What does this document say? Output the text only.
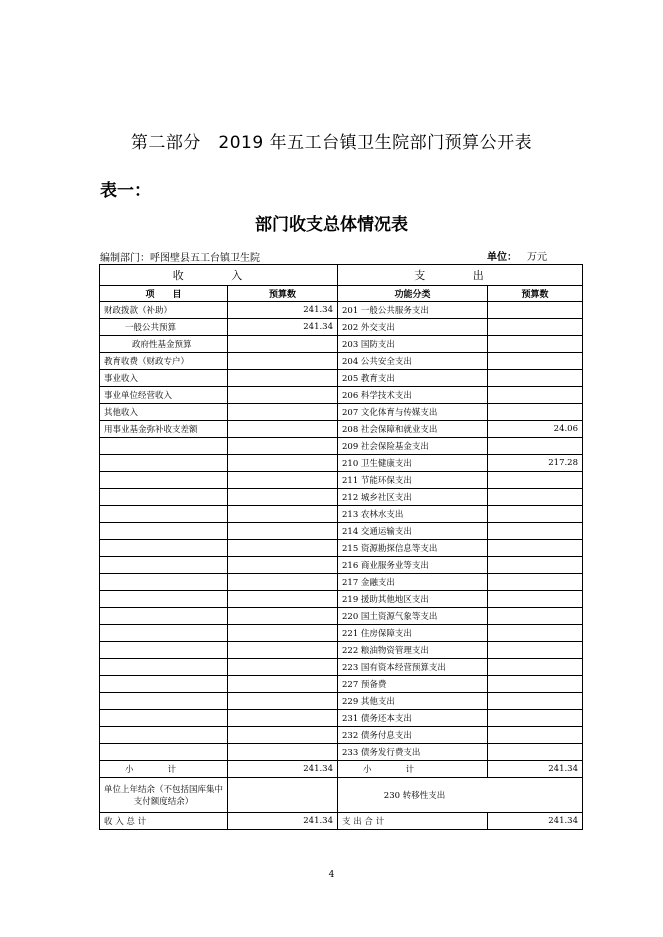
第二部分　2019 年五工台镇卫生院部门预算公开表
表一：
部门收支总体情况表
编制部门：呼图壁县五工台镇卫生院	单位： 万元
收 入		支 出	
项　　目	预算数	功能分类	预算数
财政拨款（补助）	241.34	201 一般公共服务支出	
一般公共预算	241.34	202 外交支出	
政府性基金预算		203 国防支出	
教育收费（财政专户）		204 公共安全支出	
事业收入		205 教育支出	
事业单位经营收入		206 科学技术支出	
其他收入		207 文化体育与传媒支出	
用事业基金弥补收支差额		208 社会保障和就业支出	24.06
		209 社会保险基金支出	
		210 卫生健康支出	217.28
		211 节能环保支出	
		212 城乡社区支出	
		213 农林水支出	
		214 交通运输支出	
		215 资源勘探信息等支出	
		216 商业服务业等支出	
		217 金融支出	
		219 援助其他地区支出	
		220 国土资源气象等支出	
		221 住房保障支出	
		222 粮油物资管理支出	
		223 国有资本经营预算支出	
		227 预备费	
		229 其他支出	
		231 债务还本支出	
		232 债务付息支出	
		233 债务发行费支出	
小　　　　计	241.34	小　　　　计	241.34
单位上年结余（不包括国库集中支付额度结余）		230 转移性支出	
收 入 总 计	241.34	支 出 合 计	241.34
4
